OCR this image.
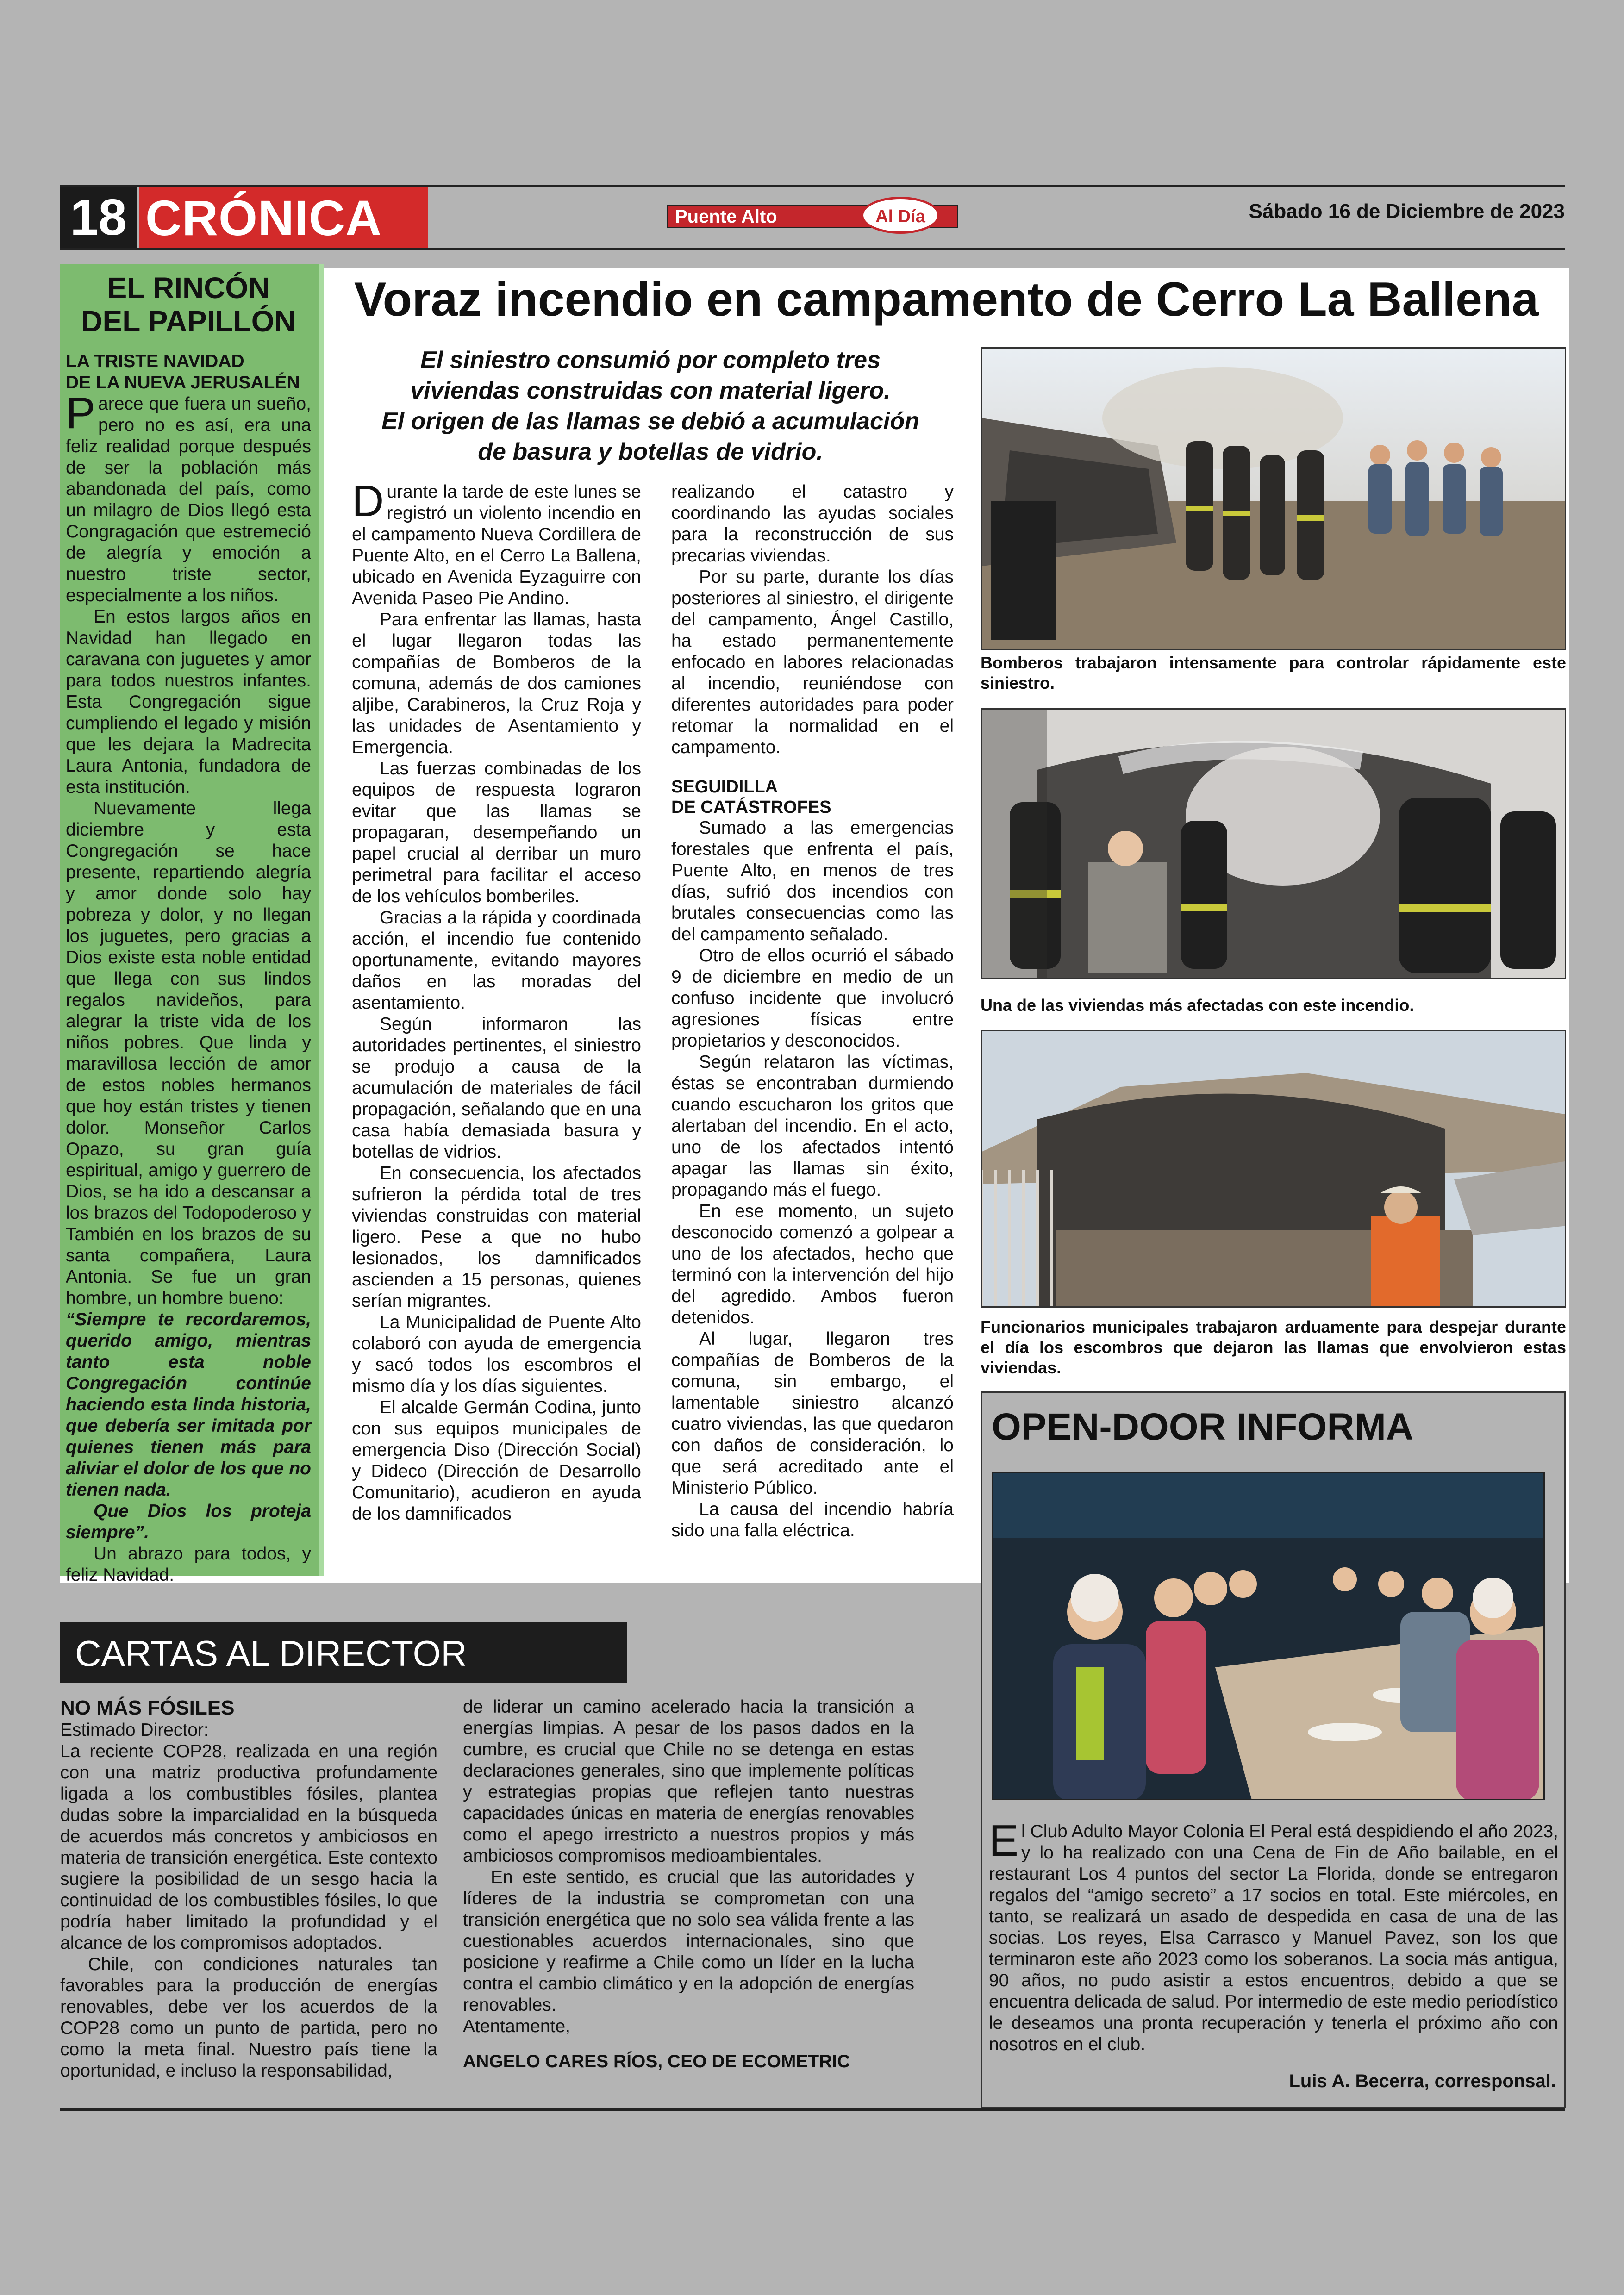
18 CRÓNICA	Puente Alto	Al Día	Sábado 16 de Diciembre de 2023
EL RINCÓN
DEL PAPILLÓN
LA TRISTE NAVIDAD
DE LA NUEVA JERUSALÉN

Parece que fuera un sueño, pero no es así, era una feliz realidad porque después de ser la población más abandonada del país, como un milagro de Dios llegó esta Congragación que estremeció de alegría y emoción a nuestro triste sector, especialmente a los niños.

En estos largos años en Navidad han llegado en caravana con juguetes y amor para todos nuestros infantes. Esta Congregación sigue cumpliendo el legado y misión que les dejara la Madrecita Laura Antonia, fundadora de esta institución.

Nuevamente llega diciembre y esta Congregación se hace presente, repartiendo alegría y amor donde solo hay pobreza y dolor, y no llegan los juguetes, pero gracias a Dios existe esta noble entidad que llega con sus lindos regalos navideños, para alegrar la triste vida de los niños pobres. Que linda y maravillosa lección de amor de estos nobles hermanos que hoy están tristes y tienen dolor. Monseñor Carlos Opazo, su gran guía espiritual, amigo y guerrero de Dios, se ha ido a descansar a los brazos del Todopoderoso y También en los brazos de su santa compañera, Laura Antonia. Se fue un gran hombre, un hombre bueno:

“Siempre te recordaremos, querido amigo, mientras tanto esta noble Congregación continúe haciendo esta linda historia, que debería ser imitada por quienes tienen más para aliviar el dolor de los que no tienen nada.

Que Dios los proteja siempre”.

Un abrazo para todos, y feliz Navidad.

Voraz incendio en campamento de Cerro La Ballena
El siniestro consumió por completo tres
viviendas construidas con material ligero.
El origen de las llamas se debió a acumulación
de basura y botellas de vidrio.

Durante la tarde de este lunes se registró un violento incendio en el campamento Nueva Cordillera de Puente Alto, en el Cerro La Ballena, ubicado en Avenida Eyzaguirre con Avenida Paseo Pie Andino.

Para enfrentar las llamas, hasta el lugar llegaron todas las compañías de Bomberos de la comuna, además de dos camiones aljibe, Carabineros, la Cruz Roja y las unidades de Asentamiento y Emergencia.

Las fuerzas combinadas de los equipos de respuesta lograron evitar que las llamas se propagaran, desempeñando un papel crucial al derribar un muro perimetral para facilitar el acceso de los vehículos bomberiles.

Gracias a la rápida y coordinada acción, el incendio fue contenido oportunamente, evitando mayores daños en las moradas del asentamiento.

Según informaron las autoridades pertinentes, el siniestro se produjo a causa de la acumulación de materiales de fácil propagación, señalando que en una casa había demasiada basura y botellas de vidrios.

En consecuencia, los afectados sufrieron la pérdida total de tres viviendas construidas con material ligero. Pese a que no hubo lesionados, los damnificados ascienden a 15 personas, quienes serían migrantes.

La Municipalidad de Puente Alto colaboró con ayuda de emergencia y sacó todos los escombros el mismo día y los días siguientes.

El alcalde Germán Codina, junto con sus equipos municipales de emergencia Diso (Dirección Social) y Dideco (Dirección de Desarrollo Comunitario), acudieron en ayuda de los damnificados

realizando el catastro y coordinando las ayudas sociales para la reconstrucción de sus precarias viviendas.

Por su parte, durante los días posteriores al siniestro, el dirigente del campamento, Ángel Castillo, ha estado permanentemente enfocado en labores relacionadas al incendio, reuniéndose con diferentes autoridades para poder retomar la normalidad en el campamento.

SEGUIDILLA
DE CATÁSTROFES

Sumado a las emergencias forestales que enfrenta el país, Puente Alto, en menos de tres días, sufrió dos incendios con brutales consecuencias como las del campamento señalado.

Otro de ellos ocurrió el sábado 9 de diciembre en medio de un confuso incidente que involucró agresiones físicas entre propietarios y desconocidos.

Según relataron las víctimas, éstas se encontraban durmiendo cuando escucharon los gritos que alertaban del incendio. En el acto, uno de los afectados intentó apagar las llamas sin éxito, propagando más el fuego.

En ese momento, un sujeto desconocido comenzó a golpear a uno de los afectados, hecho que terminó con la intervención del hijo del agredido. Ambos fueron detenidos.

Al lugar, llegaron tres compañías de Bomberos de la comuna, sin embargo, el lamentable siniestro alcanzó cuatro viviendas, las que quedaron con daños de consideración, lo que será acreditado ante el Ministerio Público.

La causa del incendio habría sido una falla eléctrica.

Bomberos trabajaron intensamente para controlar rápidamente este siniestro.
Una de las viviendas más afectadas con este incendio.
Funcionarios municipales trabajaron arduamente para despejar durante el día los escombros que dejaron las llamas que envolvieron estas viviendas.
OPEN-DOOR INFORMA
El Club Adulto Mayor Colonia El Peral está despidiendo el año 2023, y lo ha realizado con una Cena de Fin de Año bailable, en el restaurant Los 4 puntos del sector La Florida, donde se entregaron regalos del “amigo secreto” a 17 socios en total. Este miércoles, en tanto, se realizará un asado de despedida en casa de una de las socias. Los reyes, Elsa Carrasco y Manuel Pavez, son los que terminaron este año 2023 como los soberanos. La socia más antigua, 90 años, no pudo asistir a estos encuentros, debido a que se encuentra delicada de salud. Por intermedio de este medio periodístico le deseamos una pronta recuperación y tenerla el próximo año con nosotros en el club.
Luis A. Becerra, corresponsal.
CARTAS AL DIRECTOR
NO MÁS FÓSILES

Estimado Director:

La reciente COP28, realizada en una región con una matriz productiva profundamente ligada a los combustibles fósiles, plantea dudas sobre la imparcialidad en la búsqueda de acuerdos más concretos y ambiciosos en materia de transición energética. Este contexto sugiere la posibilidad de un sesgo hacia la continuidad de los combustibles fósiles, lo que podría haber limitado la profundidad y el alcance de los compromisos adoptados.

Chile, con condiciones naturales tan favorables para la producción de energías renovables, debe ver los acuerdos de la COP28 como un punto de partida, pero no como la meta final. Nuestro país tiene la oportunidad, e incluso la responsabilidad,

de liderar un camino acelerado hacia la transición a energías limpias. A pesar de los pasos dados en la cumbre, es crucial que Chile no se detenga en estas declaraciones generales, sino que implemente políticas y estrategias propias que reflejen tanto nuestras capacidades únicas en materia de energías renovables como el apego irrestricto a nuestros propios y más ambiciosos compromisos medioambientales.

En este sentido, es crucial que las autoridades y líderes de la industria se comprometan con una transición energética que no solo sea válida frente a las cuestionables acuerdos internacionales, sino que posicione y reafirme a Chile como un líder en la lucha contra el cambio climático y en la adopción de energías renovables.

Atentamente,

ANGELO CARES RÍOS, CEO DE ECOMETRIC
